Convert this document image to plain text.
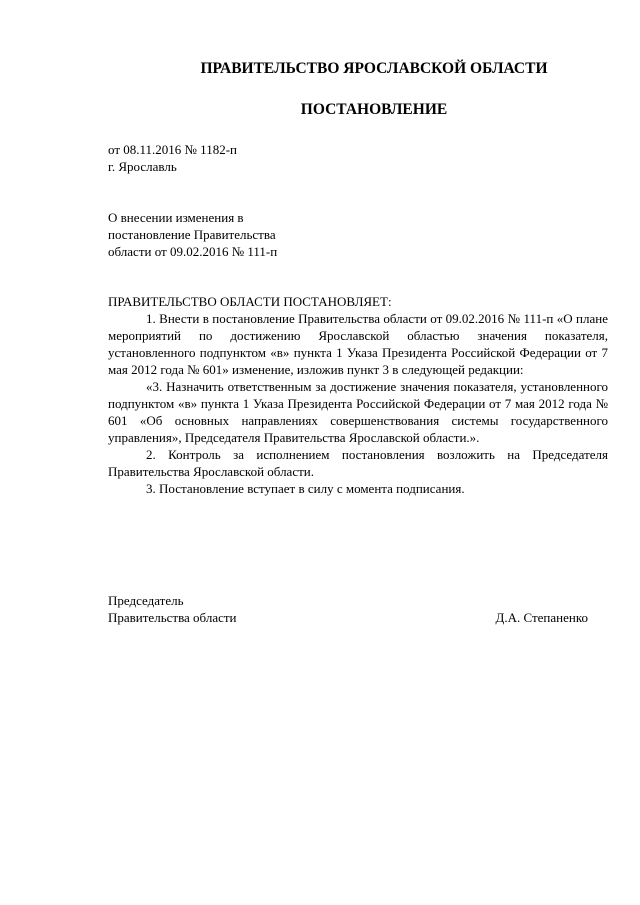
ПРАВИТЕЛЬСТВО ЯРОСЛАВСКОЙ ОБЛАСТИ
ПОСТАНОВЛЕНИЕ
от 08.11.2016 № 1182-п
г. Ярославль
О внесении изменения в
постановление Правительства
области от 09.02.2016 № 111-п

ПРАВИТЕЛЬСТВО ОБЛАСТИ ПОСТАНОВЛЯЕТ:

1. Внести в постановление Правительства области от 09.02.2016 № 111-п «О плане мероприятий по достижению Ярославской областью значения показателя, установленного подпунктом «в» пункта 1 Указа Президента Российской Федерации от 7 мая 2012 года № 601» изменение, изложив пункт 3 в следующей редакции:

«3. Назначить ответственным за достижение значения показателя, установленного подпунктом «в» пункта 1 Указа Президента Российской Федерации от 7 мая 2012 года № 601 «Об основных направлениях совершенствования системы государственного управления», Председателя Правительства Ярославской области.».

2. Контроль за исполнением постановления возложить на Председателя Правительства Ярославской области.

3. Постановление вступает в силу с момента подписания.

Председатель
Правительства области	Д.А. Степаненко
